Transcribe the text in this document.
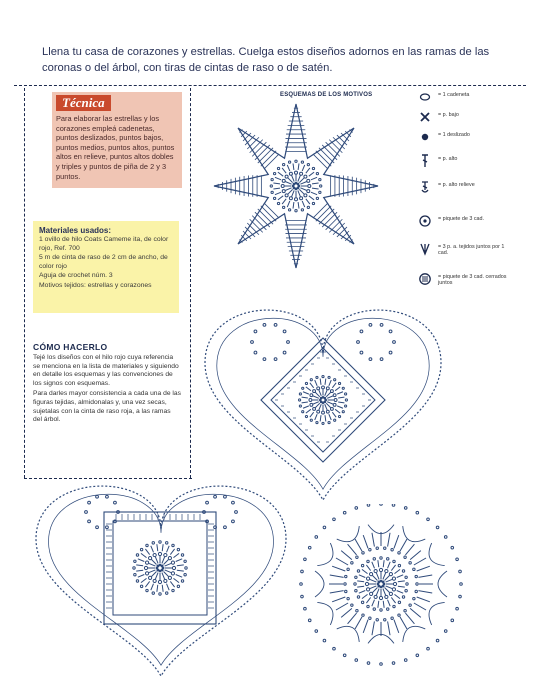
Llena tu casa de corazones y estrellas. Cuelga estos diseños adornos en las ramas de las coronas o del árbol, con tiras de cintas de raso o de satén.
Técnica

Para elaborar las estrellas y los corazones empleá cadenetas, puntos deslizados, puntos bajos, puntos medios, puntos altos, puntos altos en relieve, puntos altos dobles y triples y puntos de piña de 2 y 3 puntos.

Materiales usados:

1 ovillo de hilo Coats Cameme ita, de color rojo, Ref. 700

5 m de cinta de raso de 2 cm de ancho, de color rojo

Aguja de crochet núm. 3

Motivos tejidos: estrellas y corazones

CÓMO HACERLO

Tejé los diseños con el hilo rojo cuya referencia se menciona en la lista de materiales y siguiendo en detalle los esquemas y las convenciones de los signos con esquemas.

Para darles mayor consistencia a cada una de las figuras tejidas, almidonalas y, una vez secas, sujetalas con la cinta de raso roja, a las ramas del árbol.

ESQUEMAS DE LOS MOTIVOS	= 1 cadeneta
= p. bajo
= 1 deslizado
= p. alto
= p. alto relieve
= piquete de 3 cad.
= 3 p. a. tejidos juntos por 1 cad.
= piquete de 3 cad. cerrados juntos
